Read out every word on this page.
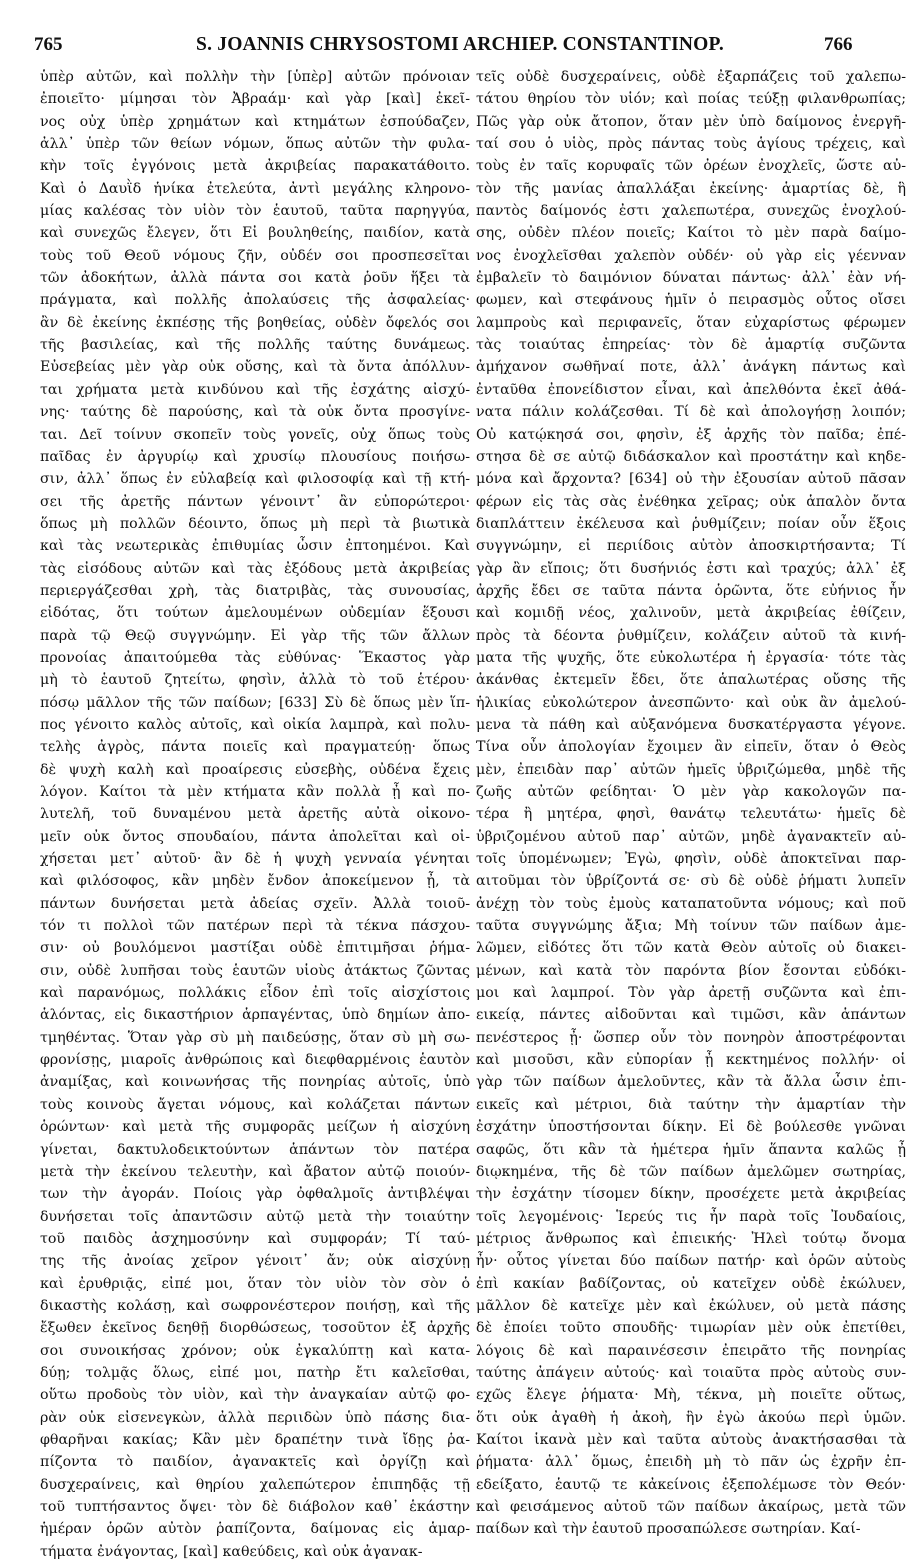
765	S. JOANNIS CHRYSOSTOMI ARCHIEP. CONSTANTINOP.	766
ὑπὲρ αὐτῶν, καὶ πολλὴν τὴν [ὑπὲρ] αὐτῶν πρόνοιαν
ἐποιεῖτο· μίμησαι τὸν Ἀβραάμ· καὶ γὰρ [καὶ] ἐκεῖ-
νος οὐχ ὑπὲρ χρημάτων καὶ κτημάτων ἐσπούδαζεν,
ἀλλ᾽ ὑπὲρ τῶν θείων νόμων, ὅπως αὐτῶν τὴν φυλα-
κὴν τοῖς ἐγγόνοις μετὰ ἀκριβείας παρακατάθοιτο.
Καὶ ὁ Δαυῒδ ἡνίκα ἐτελεύτα, ἀντὶ μεγάλης κληρονο-
μίας καλέσας τὸν υἱὸν τὸν ἑαυτοῦ, ταῦτα παρηγγύα,
καὶ συνεχῶς ἔλεγεν, ὅτι Εἰ βουληθείης, παιδίον, κατὰ
τοὺς τοῦ Θεοῦ νόμους ζῆν, οὐδέν σοι προσπεσεῖται
τῶν ἀδοκήτων, ἀλλὰ πάντα σοι κατὰ ῥοῦν ἥξει τὰ
πράγματα, καὶ πολλῆς ἀπολαύσεις τῆς ἀσφαλείας·
ἂν δὲ ἐκείνης ἐκπέσῃς τῆς βοηθείας, οὐδὲν ὄφελός σοι
τῆς βασιλείας, καὶ τῆς πολλῆς ταύτης δυνάμεως.
Εὐσεβείας μὲν γὰρ οὐκ οὔσης, καὶ τὰ ὄντα ἀπόλλυν-
ται χρήματα μετὰ κινδύνου καὶ τῆς ἐσχάτης αἰσχύ-
νης· ταύτης δὲ παρούσης, καὶ τὰ οὐκ ὄντα προσγίνε-
ται. Δεῖ τοίνυν σκοπεῖν τοὺς γονεῖς, οὐχ ὅπως τοὺς
παῖδας ἐν ἀργυρίῳ καὶ χρυσίῳ πλουσίους ποιήσω-
σιν, ἀλλ᾽ ὅπως ἐν εὐλαβείᾳ καὶ φιλοσοφίᾳ καὶ τῇ κτή-
σει τῆς ἀρετῆς πάντων γένοιντ᾽ ἂν εὐπορώτεροι·
ὅπως μὴ πολλῶν δέοιντο, ὅπως μὴ περὶ τὰ βιωτικὰ
καὶ τὰς νεωτερικὰς ἐπιθυμίας ὦσιν ἐπτοημένοι. Καὶ
τὰς εἰσόδους αὐτῶν καὶ τὰς ἐξόδους μετὰ ἀκριβείας
περιεργάζεσθαι χρὴ, τὰς διατριβὰς, τὰς συνουσίας,
εἰδότας, ὅτι τούτων ἀμελουμένων οὐδεμίαν ἕξουσι
παρὰ τῷ Θεῷ συγγνώμην. Εἰ γὰρ τῆς τῶν ἄλλων
προνοίας ἀπαιτούμεθα τὰς εὐθύνας· Ἕκαστος γὰρ
μὴ τὸ ἑαυτοῦ ζητείτω, φησὶν, ἀλλὰ τὸ τοῦ ἑτέρου·
πόσῳ μᾶλλον τῆς τῶν παίδων; [633] Σὺ δὲ ὅπως μὲν ἵπ-
πος γένοιτο καλὸς αὐτοῖς, καὶ οἰκία λαμπρὰ, καὶ πολυ-
τελὴς ἀγρὸς, πάντα ποιεῖς καὶ πραγματεύῃ· ὅπως
δὲ ψυχὴ καλὴ καὶ προαίρεσις εὐσεβὴς, οὐδένα ἔχεις
λόγον. Καίτοι τὰ μὲν κτήματα κἂν πολλὰ ᾖ καὶ πο-
λυτελῆ, τοῦ δυναμένου μετὰ ἀρετῆς αὐτὰ οἰκονο-
μεῖν οὐκ ὄντος σπουδαίου, πάντα ἀπολεῖται καὶ οἰ-
χήσεται μετ᾽ αὐτοῦ· ἂν δὲ ἡ ψυχὴ γενναία γένηται
καὶ φιλόσοφος, κἂν μηδὲν ἔνδον ἀποκείμενον ᾖ, τὰ
πάντων δυνήσεται μετὰ ἀδείας σχεῖν. Ἀλλὰ τοιοῦ-
τόν τι πολλοὶ τῶν πατέρων περὶ τὰ τέκνα πάσχου-
σιν· οὐ βουλόμενοι μαστίξαι οὐδὲ ἐπιτιμῆσαι ῥήμα-
σιν, οὐδὲ λυπῆσαι τοὺς ἑαυτῶν υἱοὺς ἀτάκτως ζῶντας
καὶ παρανόμως, πολλάκις εἶδον ἐπὶ τοῖς αἰσχίστοις
ἁλόντας, εἰς δικαστήριον ἁρπαγέντας, ὑπὸ δημίων ἀπο-
τμηθέντας. Ὅταν γὰρ σὺ μὴ παιδεύσῃς, ὅταν σὺ μὴ σω-
φρονίσῃς, μιαροῖς ἀνθρώποις καὶ διεφθαρμένοις ἑαυτὸν
ἀναμίξας, καὶ κοινωνήσας τῆς πονηρίας αὐτοῖς, ὑπὸ
τοὺς κοινοὺς ἄγεται νόμους, καὶ κολάζεται πάντων
ὁρώντων· καὶ μετὰ τῆς συμφορᾶς μείζων ἡ αἰσχύνη
γίνεται, δακτυλοδεικτούντων ἁπάντων τὸν πατέρα
μετὰ τὴν ἐκείνου τελευτὴν, καὶ ἄβατον αὐτῷ ποιούν-
των τὴν ἀγοράν. Ποίοις γὰρ ὀφθαλμοῖς ἀντιβλέψαι
δυνήσεται τοῖς ἀπαντῶσιν αὐτῷ μετὰ τὴν τοιαύτην
τοῦ παιδὸς ἀσχημοσύνην καὶ συμφοράν; Τί ταύ-
της τῆς ἀνοίας χεῖρον γένοιτ᾽ ἄν; οὐκ αἰσχύνῃ
καὶ ἐρυθριᾷς, εἰπέ μοι, ὅταν τὸν υἱὸν τὸν σὸν ὁ
δικαστὴς κολάσῃ, καὶ σωφρονέστερον ποιήσῃ, καὶ τῆς
ἔξωθεν ἐκεῖνος δεηθῇ διορθώσεως, τοσοῦτον ἐξ ἀρχῆς
σοι συνοικήσας χρόνον; οὐκ ἐγκαλύπτῃ καὶ κατα-
δύῃ; τολμᾷς ὅλως, εἰπέ μοι, πατὴρ ἔτι καλεῖσθαι,
οὕτω προδοὺς τὸν υἱὸν, καὶ τὴν ἀναγκαίαν αὐτῷ φο-
ρὰν οὐκ εἰσενεγκὼν, ἀλλὰ περιιδὼν ὑπὸ πάσης δια-
φθαρῆναι κακίας; Κἂν μὲν δραπέτην τινὰ ἴδῃς ῥα-
πίζοντα τὸ παιδίον, ἀγανακτεῖς καὶ ὀργίζῃ καὶ
δυσχεραίνεις, καὶ θηρίου χαλεπώτερον ἐπιπηδᾷς τῇ
τοῦ τυπτήσαντος ὄψει· τὸν δὲ διάβολον καθ᾽ ἑκάστην
ἡμέραν ὁρῶν αὐτὸν ῥαπίζοντα, δαίμονας εἰς ἁμαρ-
τήματα ἐνάγοντας, [καὶ] καθεύδεις, καὶ οὐκ ἀγανακ-
τεῖς οὐδὲ δυσχεραίνεις, οὐδὲ ἐξαρπάζεις τοῦ χαλεπω-
τάτου θηρίου τὸν υἱόν; καὶ ποίας τεύξῃ φιλανθρωπίας;
Πῶς γὰρ οὐκ ἄτοπον, ὅταν μὲν ὑπὸ δαίμονος ἐνεργῆ-
ταί σου ὁ υἱὸς, πρὸς πάντας τοὺς ἁγίους τρέχεις, καὶ
τοὺς ἐν ταῖς κορυφαῖς τῶν ὀρέων ἐνοχλεῖς, ὥστε αὐ-
τὸν τῆς μανίας ἀπαλλάξαι ἐκείνης· ἁμαρτίας δὲ, ἣ
παντὸς δαίμονός ἐστι χαλεπωτέρα, συνεχῶς ἐνοχλού-
σης, οὐδὲν πλέον ποιεῖς; Καίτοι τὸ μὲν παρὰ δαίμο-
νος ἐνοχλεῖσθαι χαλεπὸν οὐδέν· οὐ γὰρ εἰς γέενναν
ἐμβαλεῖν τὸ δαιμόνιον δύναται πάντως· ἀλλ᾽ ἐὰν νή-
φωμεν, καὶ στεφάνους ἡμῖν ὁ πειρασμὸς οὗτος οἴσει
λαμπροὺς καὶ περιφανεῖς, ὅταν εὐχαρίστως φέρωμεν
τὰς τοιαύτας ἐπηρείας· τὸν δὲ ἁμαρτίᾳ συζῶντα
ἀμήχανον σωθῆναί ποτε, ἀλλ᾽ ἀνάγκη πάντως καὶ
ἐνταῦθα ἐπονείδιστον εἶναι, καὶ ἀπελθόντα ἐκεῖ ἀθά-
νατα πάλιν κολάζεσθαι. Τί δὲ καὶ ἀπολογήσῃ λοιπόν;
Οὐ κατῴκησά σοι, φησὶν, ἐξ ἀρχῆς τὸν παῖδα; ἐπέ-
στησα δὲ σε αὐτῷ διδάσκαλον καὶ προστάτην καὶ κηδε-
μόνα καὶ ἄρχοντα? [634] οὐ τὴν ἐξουσίαν αὐτοῦ πᾶσαν
φέρων εἰς τὰς σὰς ἐνέθηκα χεῖρας; οὐκ ἁπαλὸν ὄντα
διαπλάττειν ἐκέλευσα καὶ ῥυθμίζειν; ποίαν οὖν ἕξοις
συγγνώμην, εἰ περιίδοις αὐτὸν ἀποσκιρτήσαντα; Τί
γὰρ ἂν εἴποις; ὅτι δυσήνιός ἐστι καὶ τραχύς; ἀλλ᾽ ἐξ
ἀρχῆς ἔδει σε ταῦτα πάντα ὁρῶντα, ὅτε εὐήνιος ἦν
καὶ κομιδῇ νέος, χαλινοῦν, μετὰ ἀκριβείας ἐθίζειν,
πρὸς τὰ δέοντα ῥυθμίζειν, κολάζειν αὐτοῦ τὰ κινή-
ματα τῆς ψυχῆς, ὅτε εὐκολωτέρα ἡ ἐργασία· τότε τὰς
ἀκάνθας ἐκτεμεῖν ἔδει, ὅτε ἁπαλωτέρας οὔσης τῆς
ἡλικίας εὐκολώτερον ἀνεσπῶντο· καὶ οὐκ ἂν ἀμελού-
μενα τὰ πάθη καὶ αὐξανόμενα δυσκατέργαστα γέγονε.
Τίνα οὖν ἀπολογίαν ἔχοιμεν ἂν εἰπεῖν, ὅταν ὁ Θεὸς
μὲν, ἐπειδὰν παρ᾽ αὐτῶν ἡμεῖς ὑβριζώμεθα, μηδὲ τῆς
ζωῆς αὐτῶν φείδηται· Ὁ μὲν γὰρ κακολογῶν πα-
τέρα ἢ μητέρα, φησὶ, θανάτῳ τελευτάτω· ἡμεῖς δὲ
ὑβριζομένου αὐτοῦ παρ᾽ αὐτῶν, μηδὲ ἀγανακτεῖν αὐ-
τοῖς ὑπομένωμεν; Ἐγὼ, φησὶν, οὐδὲ ἀποκτεῖναι παρ-
αιτοῦμαι τὸν ὑβρίζοντά σε· σὺ δὲ οὐδὲ ῥήματι λυπεῖν
ἀνέχῃ τὸν τοὺς ἐμοὺς καταπατοῦντα νόμους; καὶ ποῦ
ταῦτα συγγνώμης ἄξια; Μὴ τοίνυν τῶν παίδων ἀμε-
λῶμεν, εἰδότες ὅτι τῶν κατὰ Θεὸν αὐτοῖς οὐ διακει-
μένων, καὶ κατὰ τὸν παρόντα βίον ἔσονται εὐδόκι-
μοι καὶ λαμπροί. Τὸν γὰρ ἀρετῇ συζῶντα καὶ ἐπι-
εικείᾳ, πάντες αἰδοῦνται καὶ τιμῶσι, κἂν ἁπάντων
πενέστερος ᾖ· ὥσπερ οὖν τὸν πονηρὸν ἀποστρέφονται
καὶ μισοῦσι, κἂν εὐπορίαν ᾖ κεκτημένος πολλήν· οἱ
γὰρ τῶν παίδων ἀμελοῦντες, κἂν τὰ ἄλλα ὦσιν ἐπι-
εικεῖς καὶ μέτριοι, διὰ ταύτην τὴν ἁμαρτίαν τὴν
ἐσχάτην ὑποστήσονται δίκην. Εἰ δὲ βούλεσθε γνῶναι
σαφῶς, ὅτι κἂν τὰ ἡμέτερα ἡμῖν ἅπαντα καλῶς ᾖ
διῳκημένα, τῆς δὲ τῶν παίδων ἀμελῶμεν σωτηρίας,
τὴν ἐσχάτην τίσομεν δίκην, προσέχετε μετὰ ἀκριβείας
τοῖς λεγομένοις· Ἱερεύς τις ἦν παρὰ τοῖς Ἰουδαίοις,
μέτριος ἄνθρωπος καὶ ἐπιεικής· Ἠλεὶ τούτῳ ὄνομα
ἦν· οὗτος γίνεται δύο παίδων πατήρ· καὶ ὁρῶν αὐτοὺς
ἐπὶ κακίαν βαδίζοντας, οὐ κατεῖχεν οὐδὲ ἐκώλυεν,
μᾶλλον δὲ κατεῖχε μὲν καὶ ἐκώλυεν, οὐ μετὰ πάσης
δὲ ἐποίει τοῦτο σπουδῆς· τιμωρίαν μὲν οὐκ ἐπετίθει,
λόγοις δὲ καὶ παραινέσεσιν ἐπειρᾶτο τῆς πονηρίας
ταύτης ἀπάγειν αὐτούς· καὶ τοιαῦτα πρὸς αὐτοὺς συν-
εχῶς ἔλεγε ῥήματα· Μὴ, τέκνα, μὴ ποιεῖτε οὕτως,
ὅτι οὐκ ἀγαθὴ ἡ ἀκοὴ, ἣν ἐγὼ ἀκούω περὶ ὑμῶν.
Καίτοι ἱκανὰ μὲν καὶ ταῦτα αὐτοὺς ἀνακτήσασθαι τὰ
ῥήματα· ἀλλ᾽ ὅμως, ἐπειδὴ μὴ τὸ πᾶν ὡς ἐχρῆν ἐπ-
εδείξατο, ἑαυτῷ τε κἀκείνοις ἐξεπολέμωσε τὸν Θεόν·
καὶ φεισάμενος αὐτοῦ τῶν παίδων ἀκαίρως, μετὰ τῶν
παίδων καὶ τὴν ἑαυτοῦ προσαπώλεσε σωτηρίαν. Καί-
